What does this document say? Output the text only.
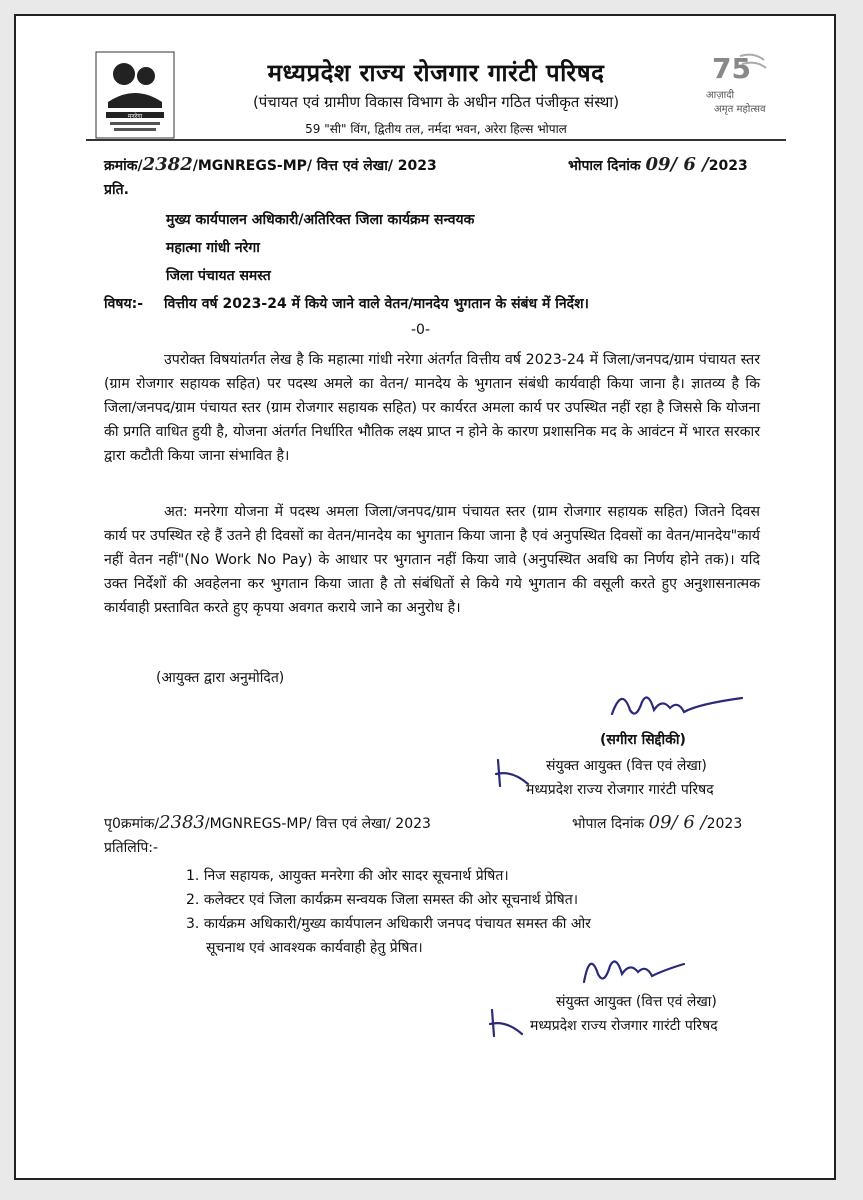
मनरेगा
मध्यप्रदेश राज्य रोजगार गारंटी परिषद
(पंचायत एवं ग्रामीण विकास विभाग के अधीन गठित पंजीकृत संस्था)
59 "सी" विंग, द्वितीय तल, नर्मदा भवन, अरेरा हिल्स भोपाल
75
आज़ादी
अमृत महोत्सव
क्रमांक/2382/MGNREGS-MP/ वित्त एवं लेखा/ 2023	भोपाल दिनांक 09/ 6 /2023
प्रति.
मुख्य कार्यपालन अधिकारी/अतिरिक्त जिला कार्यक्रम सन्वयक
महात्मा गांधी नरेगा
जिला पंचायत समस्त
विषय:- वित्तीय वर्ष 2023-24 में किये जाने वाले वेतन/मानदेय भुगतान के संबंध में निर्देश।
-0-

उपरोक्त विषयांतर्गत लेख है कि महात्मा गांधी नरेगा अंतर्गत वित्तीय वर्ष 2023-24 में जिला/जनपद/ग्राम पंचायत स्तर (ग्राम रोजगार सहायक सहित) पर पदस्थ अमले का वेतन/ मानदेय के भुगतान संबंधी कार्यवाही किया जाना है। ज्ञातव्य है कि जिला/जनपद/ग्राम पंचायत स्तर (ग्राम रोजगार सहायक सहित) पर कार्यरत अमला कार्य पर उपस्थित नहीं रहा है जिससे कि योजना की प्रगति वाधित हुयी है, योजना अंतर्गत निर्धारित भौतिक लक्ष्य प्राप्त न होने के कारण प्रशासनिक मद के आवंटन में भारत सरकार द्वारा कटौती किया जाना संभावित है।

अत: मनरेगा योजना में पदस्थ अमला जिला/जनपद/ग्राम पंचायत स्तर (ग्राम रोजगार सहायक सहित) जितने दिवस कार्य पर उपस्थित रहे हैं उतने ही दिवसों का वेतन/मानदेय का भुगतान किया जाना है एवं अनुपस्थित दिवसों का वेतन/मानदेय"कार्य नहीं वेतन नहीं"(No Work No Pay) के आधार पर भुगतान नहीं किया जावे (अनुपस्थित अवधि का निर्णय होने तक)। यदि उक्त निर्देशों की अवहेलना कर भुगतान किया जाता है तो संबंधितों से किये गये भुगतान की वसूली करते हुए अनुशासनात्मक कार्यवाही प्रस्तावित करते हुए कृपया अवगत कराये जाने का अनुरोध है।

(आयुक्त द्वारा अनुमोदित)
(सगीरा सिद्दीकी)
संयुक्त आयुक्त (वित्त एवं लेखा)
मध्यप्रदेश राज्य रोजगार गारंटी परिषद
पृ0क्रमांक/2383/MGNREGS-MP/ वित्त एवं लेखा/ 2023	भोपाल दिनांक 09/ 6 /2023
प्रतिलिपि:-
1. निज सहायक, आयुक्त मनरेगा की ओर सादर सूचनार्थ प्रेषित।
2. कलेक्टर एवं जिला कार्यक्रम सन्वयक जिला समस्त की ओर सूचनार्थ प्रेषित।
3. कार्यक्रम अधिकारी/मुख्य कार्यपालन अधिकारी जनपद पंचायत समस्त की ओर
सूचनाथ एवं आवश्यक कार्यवाही हेतु प्रेषित।
संयुक्त आयुक्त (वित्त एवं लेखा)
मध्यप्रदेश राज्य रोजगार गारंटी परिषद
